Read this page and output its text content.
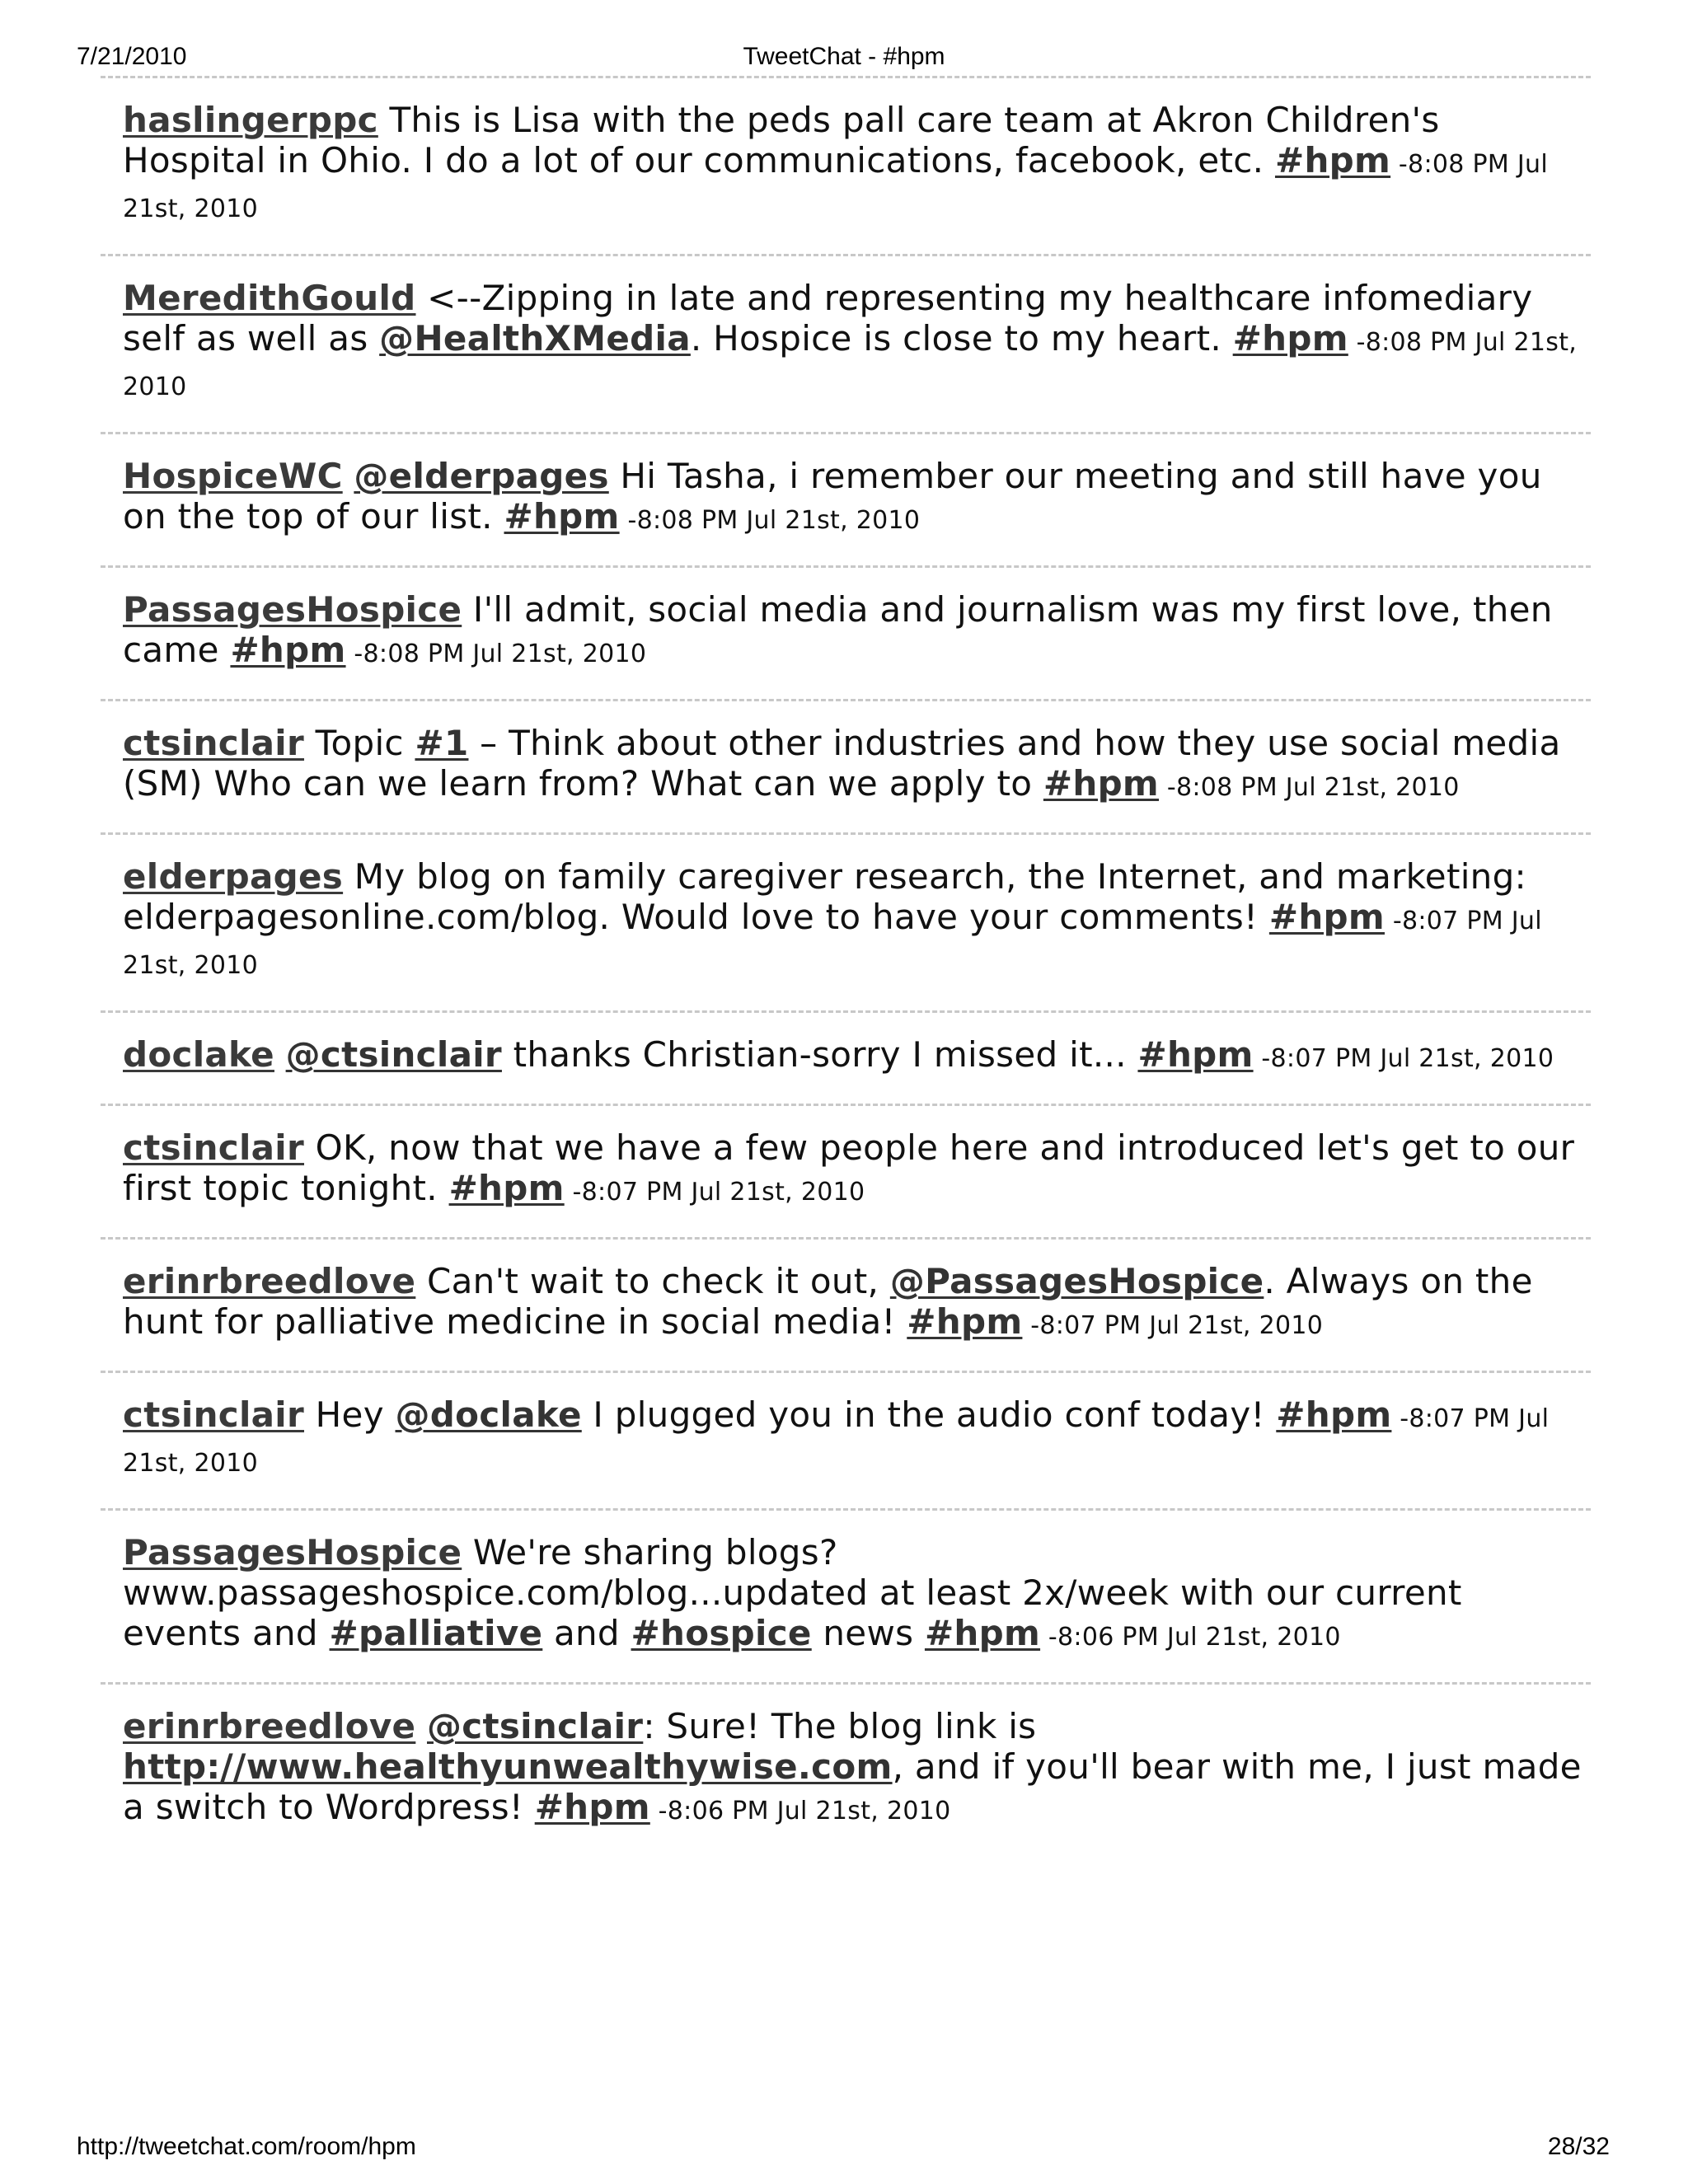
7/21/2010	TweetChat - #hpm
haslingerppc This is Lisa with the peds pall care team at Akron Children's Hospital in Ohio. I do a lot of our communications, facebook, etc. #hpm -8:08 PM Jul 21st, 2010
MeredithGould <--Zipping in late and representing my healthcare infomediary self as well as @HealthXMedia. Hospice is close to my heart. #hpm -8:08 PM Jul 21st, 2010
HospiceWC @elderpages Hi Tasha, i remember our meeting and still have you on the top of our list. #hpm -8:08 PM Jul 21st, 2010
PassagesHospice I'll admit, social media and journalism was my first love, then came #hpm -8:08 PM Jul 21st, 2010
ctsinclair Topic #1 – Think about other industries and how they use social media (SM) Who can we learn from? What can we apply to #hpm -8:08 PM Jul 21st, 2010
elderpages My blog on family caregiver research, the Internet, and marketing: elderpagesonline.com/blog. Would love to have your comments! #hpm -8:07 PM Jul 21st, 2010
doclake @ctsinclair thanks Christian-sorry I missed it... #hpm -8:07 PM Jul 21st, 2010
ctsinclair OK, now that we have a few people here and introduced let's get to our first topic tonight. #hpm -8:07 PM Jul 21st, 2010
erinrbreedlove Can't wait to check it out, @PassagesHospice. Always on the hunt for palliative medicine in social media! #hpm -8:07 PM Jul 21st, 2010
ctsinclair Hey @doclake I plugged you in the audio conf today! #hpm -8:07 PM Jul 21st, 2010
PassagesHospice We're sharing blogs? www.passageshospice.com/blog...updated at least 2x/week with our current events and #palliative and #hospice news #hpm -8:06 PM Jul 21st, 2010
erinrbreedlove @ctsinclair: Sure! The blog link is http://www.healthyunwealthywise.com, and if you'll bear with me, I just made a switch to Wordpress! #hpm -8:06 PM Jul 21st, 2010
http://tweetchat.com/room/hpm	28/32
